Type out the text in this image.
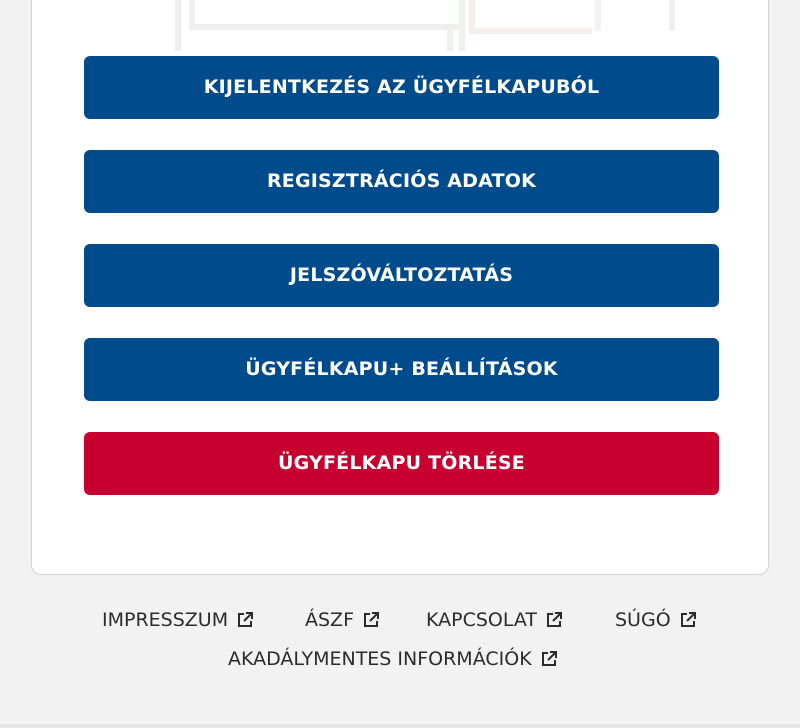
KIJELENTKEZÉS AZ ÜGYFÉLKAPUBÓL
REGISZTRÁCIÓS ADATOK
JELSZÓVÁLTOZTATÁS
ÜGYFÉLKAPU+ BEÁLLÍTÁSOK
ÜGYFÉLKAPU TÖRLÉSE
IMPRESSZUM	ÁSZF	KAPCSOLAT	SÚGÓ
AKADÁLYMENTES INFORMÁCIÓK
